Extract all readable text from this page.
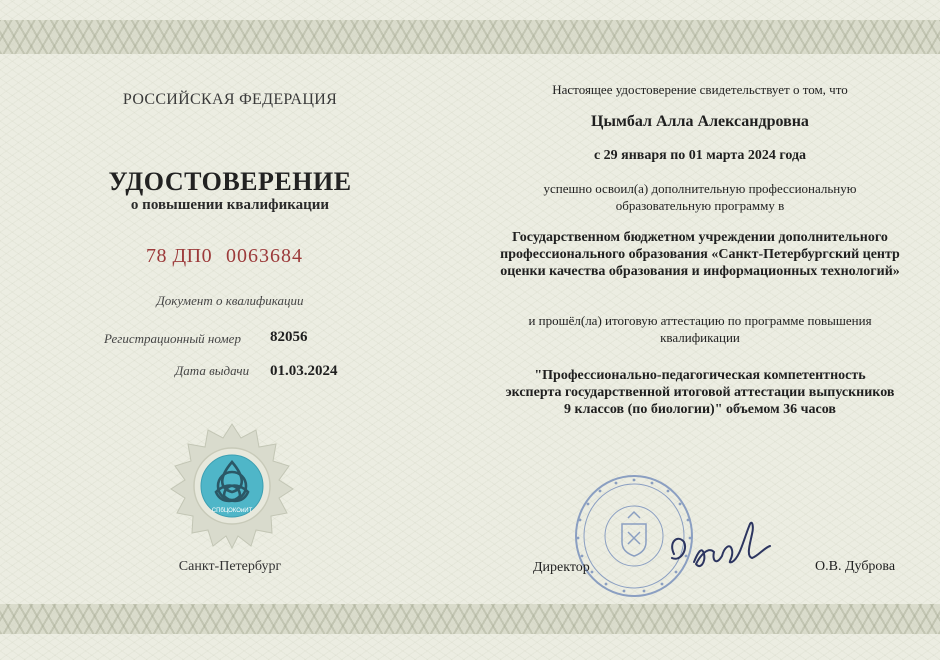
РОССИЙСКАЯ ФЕДЕРАЦИЯ
УДОСТОВЕРЕНИЕ
о повышении квалификации
78 ДП0 0063684
Документ о квалификации
Регистрационный номер 82056
Дата выдачи 01.03.2024
СПбЦОКОиИТ
Санкт-Петербург
Настоящее удостоверение свидетельствует о том, что
Цымбал Алла Александровна
с 29 января по 01 марта 2024 года
успешно освоил(а) дополнительную профессиональную образовательную программу в
Государственном бюджетном учреждении дополнительного профессионального образования «Санкт-Петербургский центр оценки качества образования и информационных технологий»
и прошёл(ла) итоговую аттестацию по программе повышения квалификации
"Профессионально-педагогическая компетентность эксперта государственной итоговой аттестации выпускников 9 классов (по биологии)" объемом 36 часов
Директор	О.В. Дуброва
